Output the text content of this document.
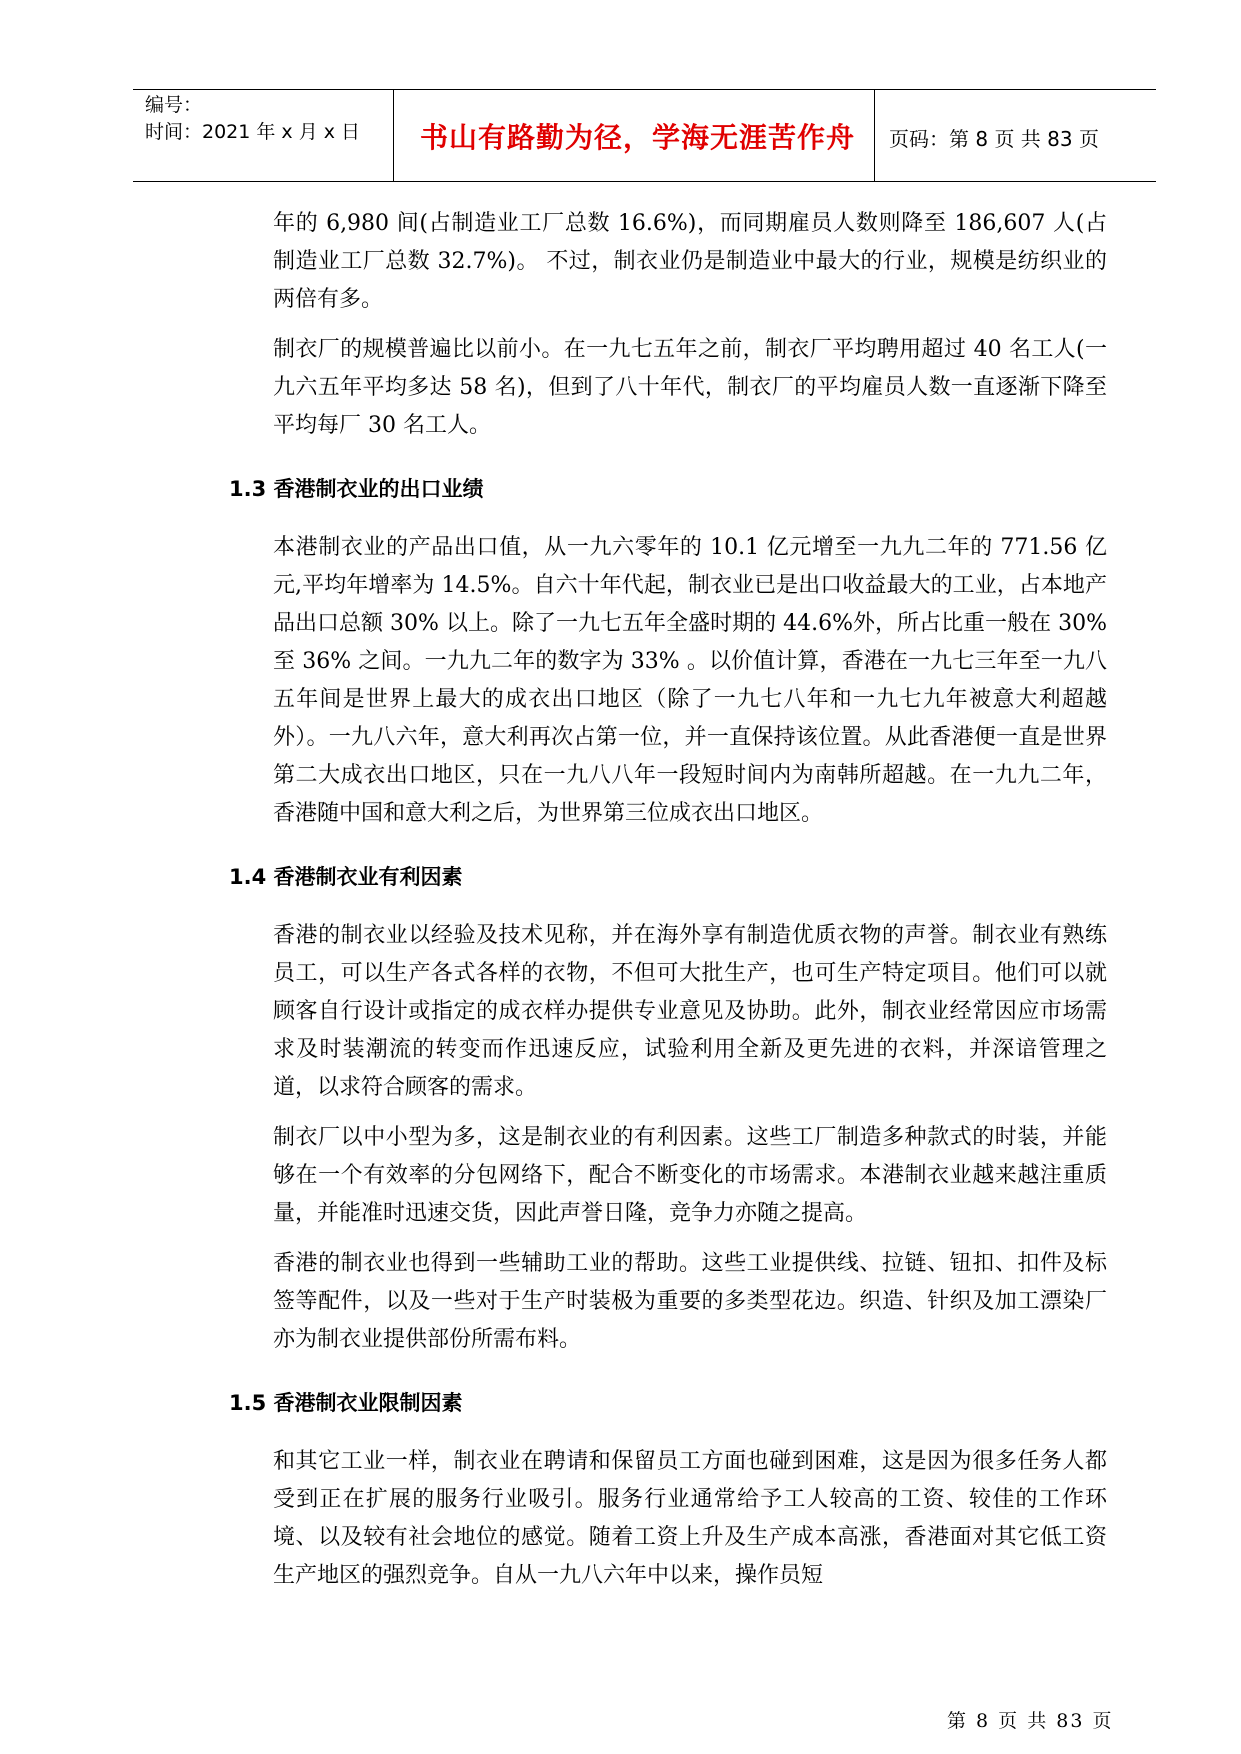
编号：
时间：2021 年 x 月 x 日	书山有路勤为径，学海无涯苦作舟 页码：第 8 页 共 83 页

年的 6,980 间(占制造业工厂总数 16.6%)，而同期雇员人数则降至 186,607 人(占制造业工厂总数 32.7%)。 不过，制衣业仍是制造业中最大的行业，规模是纺织业的两倍有多。

制衣厂的规模普遍比以前小。在一九七五年之前，制衣厂平均聘用超过 40 名工人(一九六五年平均多达 58 名)，但到了八十年代，制衣厂的平均雇员人数一直逐渐下降至平均每厂 30 名工人。

1.3 香港制衣业的出口业绩

本港制衣业的产品出口值，从一九六零年的 10.1 亿元增至一九九二年的 771.56 亿元,平均年增率为 14.5%。自六十年代起，制衣业已是出口收益最大的工业，占本地产品出口总额 30% 以上。除了一九七五年全盛时期的 44.6%外，所占比重一般在 30%至 36% 之间。一九九二年的数字为 33% 。以价值计算，香港在一九七三年至一九八五年间是世界上最大的成衣出口地区（除了一九七八年和一九七九年被意大利超越外）。一九八六年，意大利再次占第一位，并一直保持该位置。从此香港便一直是世界第二大成衣出口地区，只在一九八八年一段短时间内为南韩所超越。在一九九二年，香港随中国和意大利之后，为世界第三位成衣出口地区。

1.4 香港制衣业有利因素

香港的制衣业以经验及技术见称，并在海外享有制造优质衣物的声誉。制衣业有熟练员工，可以生产各式各样的衣物，不但可大批生产，也可生产特定项目。他们可以就顾客自行设计或指定的成衣样办提供专业意见及协助。此外，制衣业经常因应市场需求及时装潮流的转变而作迅速反应，试验利用全新及更先进的衣料，并深谙管理之道，以求符合顾客的需求。

制衣厂以中小型为多，这是制衣业的有利因素。这些工厂制造多种款式的时装，并能够在一个有效率的分包网络下，配合不断变化的市场需求。本港制衣业越来越注重质量，并能准时迅速交货，因此声誉日隆，竞争力亦随之提高。

香港的制衣业也得到一些辅助工业的帮助。这些工业提供线、拉链、钮扣、扣件及标签等配件，以及一些对于生产时装极为重要的多类型花边。织造、针织及加工漂染厂亦为制衣业提供部份所需布料。

1.5 香港制衣业限制因素

和其它工业一样，制衣业在聘请和保留员工方面也碰到困难，这是因为很多任务人都受到正在扩展的服务行业吸引。服务行业通常给予工人较高的工资、较佳的工作环境、以及较有社会地位的感觉。随着工资上升及生产成本高涨，香港面对其它低工资生产地区的强烈竞争。自从一九八六年中以来，操作员短

第 8 页 共 83 页
